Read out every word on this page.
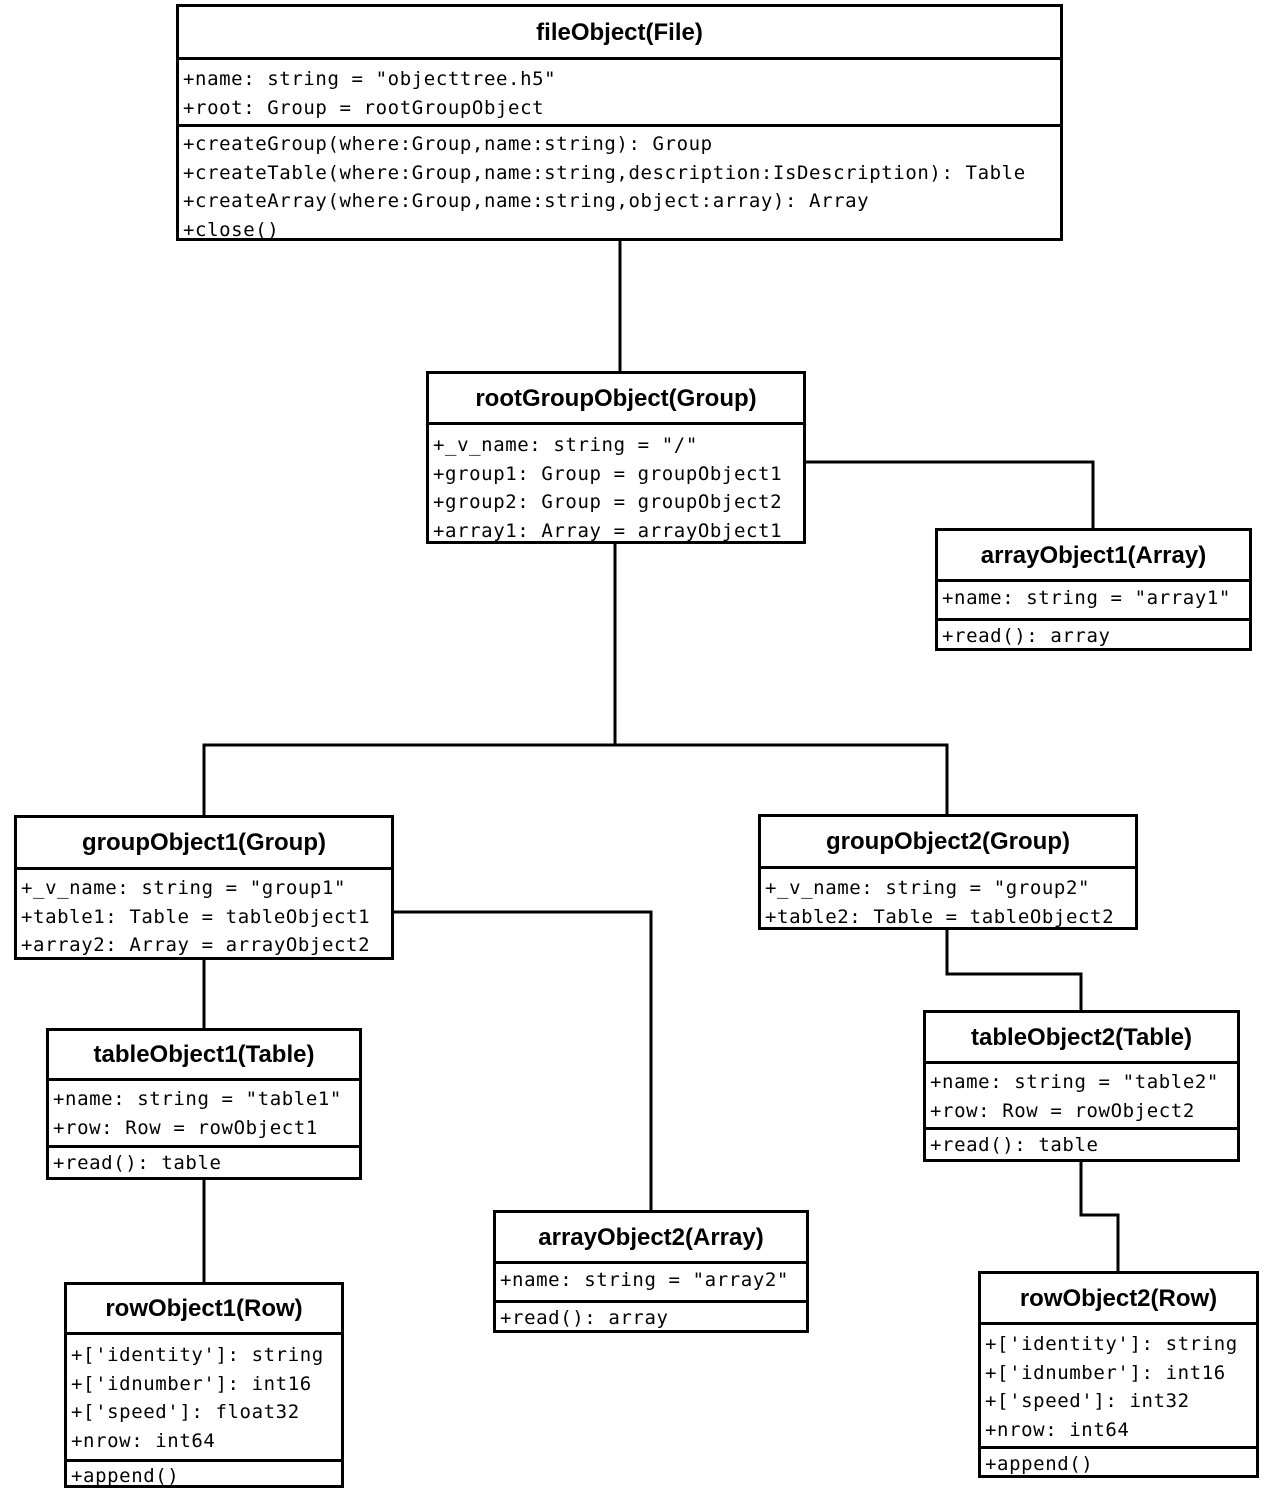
fileObject(File)
+name: string = "objecttree.h5"
+root: Group = rootGroupObject
+createGroup(where:Group,name:string): Group
+createTable(where:Group,name:string,description:IsDescription): Table
+createArray(where:Group,name:string,object:array): Array
+close()
rootGroupObject(Group)
+_v_name: string = "/"
+group1: Group = groupObject1
+group2: Group = groupObject2
+array1: Array = arrayObject1
arrayObject1(Array)
+name: string = "array1"
+read(): array
groupObject1(Group)
+_v_name: string = "group1"
+table1: Table = tableObject1
+array2: Array = arrayObject2
groupObject2(Group)
+_v_name: string = "group2"
+table2: Table = tableObject2
tableObject1(Table)
+name: string = "table1"
+row: Row = rowObject1
+read(): table
tableObject2(Table)
+name: string = "table2"
+row: Row = rowObject2
+read(): table
arrayObject2(Array)
+name: string = "array2"
+read(): array
rowObject1(Row)
+['identity']: string
+['idnumber']: int16
+['speed']: float32
+nrow: int64
+append()
rowObject2(Row)
+['identity']: string
+['idnumber']: int16
+['speed']: int32
+nrow: int64
+append()
